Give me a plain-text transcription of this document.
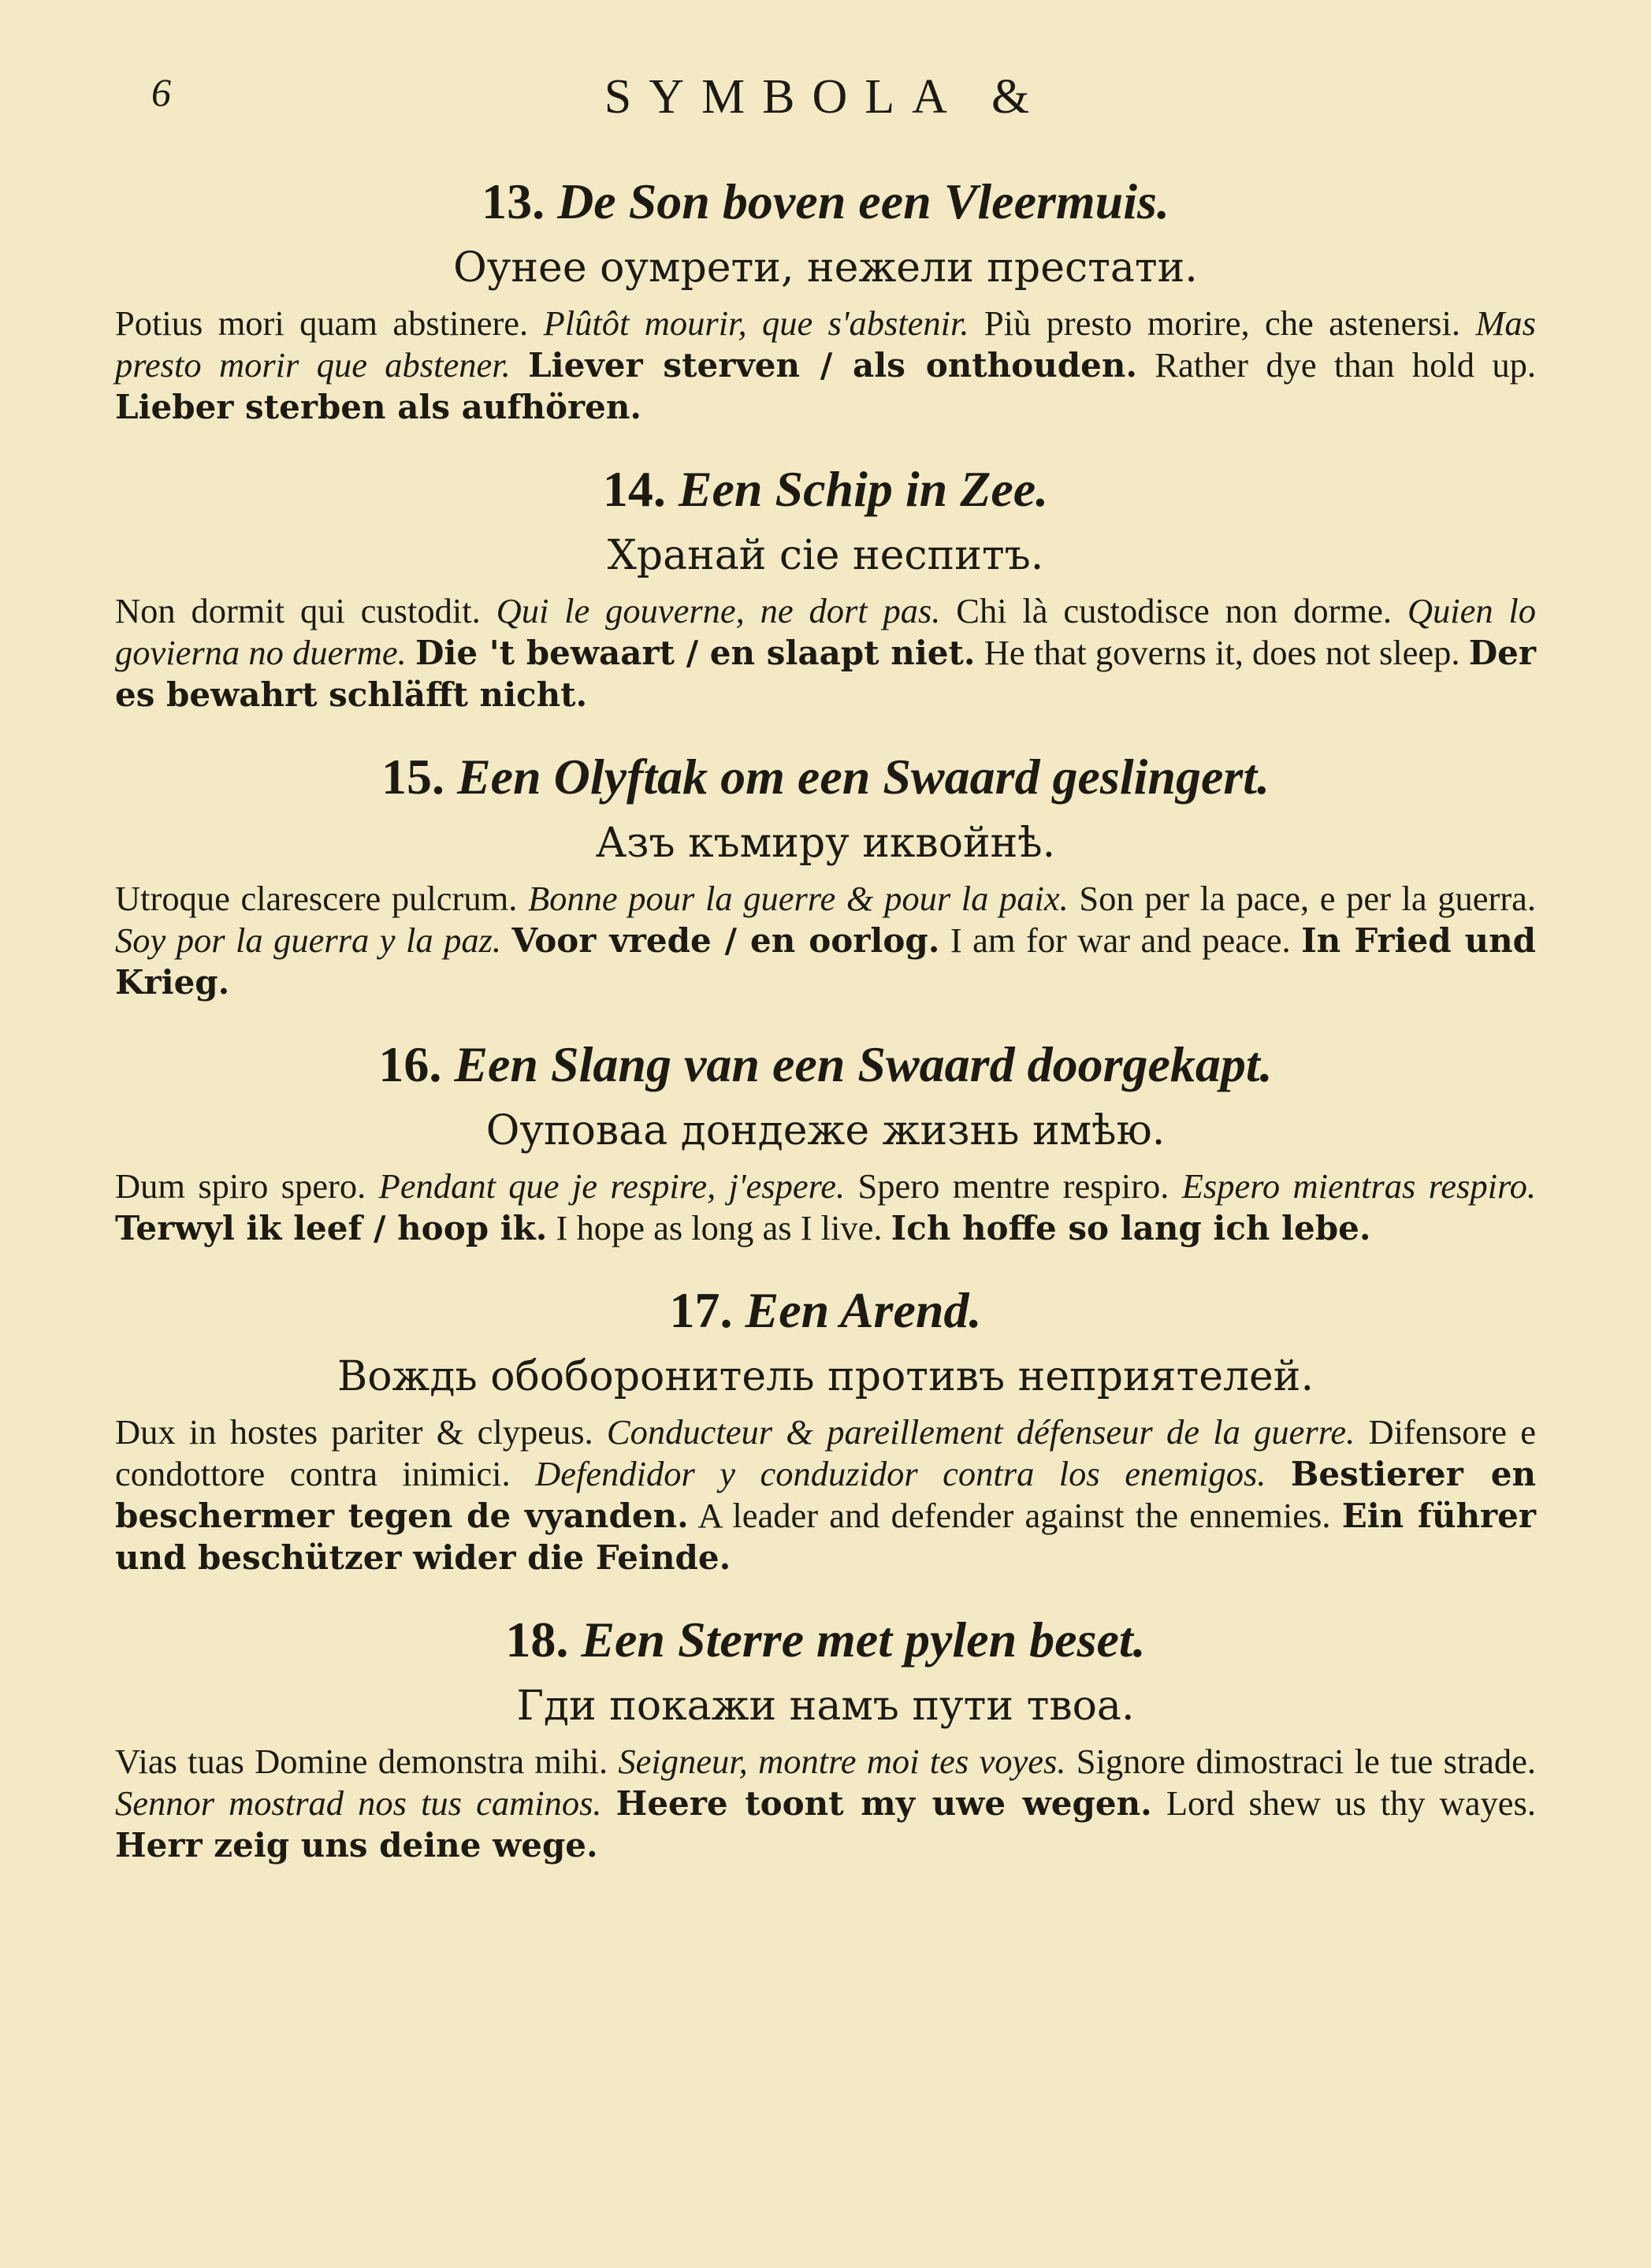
6	SYMBOLA &
13. De Son boven een Vleermuis.
Оунее оумрети, нежели престати.

Potius mori quam abstinere. Plûtôt mourir, que s'abstenir. Più presto morire, che astenersi. Mas presto morir que abstener. Liever sterven / als onthouden. Rather dye than hold up. Lieber sterben als aufhören.

14. Een Schip in Zee.
Хранай сiе неспитъ.

Non dormit qui custodit. Qui le gouverne, ne dort pas. Chi là custodisce non dorme. Quien lo govierna no duerme. Die 't bewaart / en slaapt niet. He that governs it, does not sleep. Der es bewahrt schläfft nicht.

15. Een Olyftak om een Swaard geslingert.
Азъ къмиру иквойнѣ.

Utroque clarescere pulcrum. Bonne pour la guerre & pour la paix. Son per la pace, e per la guerra. Soy por la guerra y la paz. Voor vrede / en oorlog. I am for war and peace. In Fried und Krieg.

16. Een Slang van een Swaard doorgekapt.
Оуповаа дондеже жизнь имѣю.

Dum spiro spero. Pendant que je respire, j'espere. Spero mentre respiro. Espero mientras respiro. Terwyl ik leef / hoop ik. I hope as long as I live. Ich hoffe so lang ich lebe.

17. Een Arend.
Вождь обоборонитель противъ неприятелей.

Dux in hostes pariter & clypeus. Conducteur & pareillement défenseur de la guerre. Difensore e condottore contra inimici. Defendidor y conduzidor contra los enemigos. Bestierer en beschermer tegen de vyanden. A leader and defender against the ennemies. Ein führer und beschützer wider die Feinde.

18. Een Sterre met pylen beset.
Гди покажи намъ пути твоа.

Vias tuas Domine demonstra mihi. Seigneur, montre moi tes voyes. Signore dimostraci le tue strade. Sennor mostrad nos tus caminos. Heere toont my uwe wegen. Lord shew us thy wayes. Herr zeig uns deine wege.
